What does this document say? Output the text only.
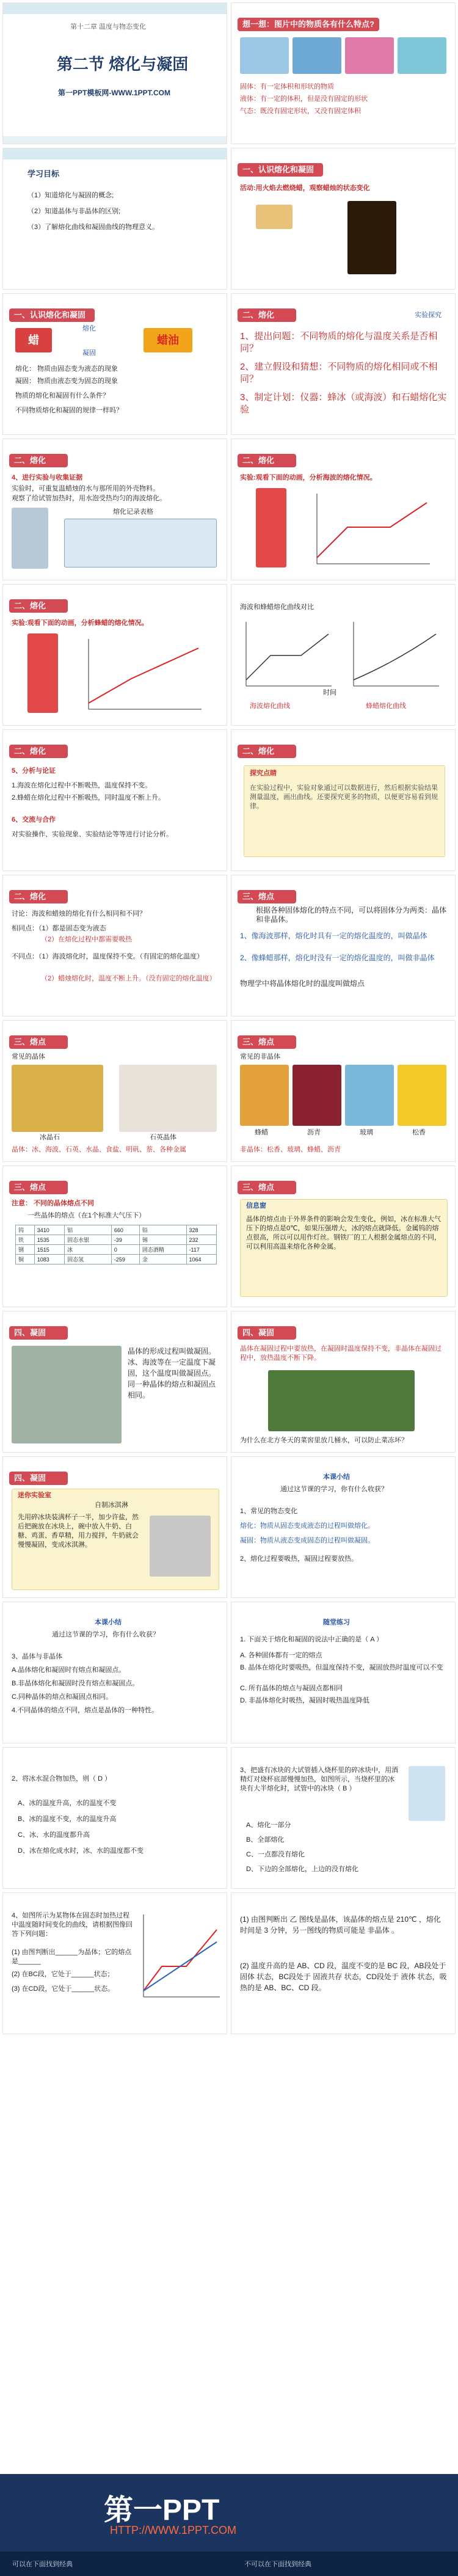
第十二章 温度与物态变化
第二节 熔化与凝固
第一PPT模板网-WWW.1PPT.COM
想一想：图片中的物质各有什么特点?
固体：有一定体积和形状的物质
液体：有一定的体积，但是没有固定的形状
气态：既没有固定形状，又没有固定体积
学习目标
（1）知道熔化与凝固的概念;
（2）知道晶体与非晶体的区别;
（3）了解熔化曲线和凝固曲线的物理意义。
一、认识熔化和凝固
活动:用火焰去燃烧蜡，观察蜡烛的状态变化
一、认识熔化和凝固
蜡
熔化
凝固
蜡油
熔化： 物质由固态变为液态的现象
凝固： 物质由液态变为固态的现象
物质的熔化和凝固有什么条件？
不同物质熔化和凝固的规律一样吗？
二、熔化	实验探究
1、提出问题：不同物质的熔化与温度关系是否相同？
2、建立假设和猜想：不同物质的熔化相同或不相同？
3、制定计划：仪器：蜂冰（或海波）和石蜡熔化实验
二、熔化
4、进行实验与收集证据
实验时，可重复温蜡烛的水与那所用的外壳物料。
观察了给试管加热时，用水泡受热均匀的海波熔化。
熔化记录表格
二、熔化
实验:观看下面的动画，分析海波的熔化情况。
二、熔化
实验:观看下面的动画，分析蜂蜡的熔化情况。
海波和蜂蜡熔化曲线对比
海波熔化曲线	蜂蜡熔化曲线
时间
二、熔化
5、分析与论证
1.海波在熔化过程中不断吸热，温度保持不变。
2.蜂蜡在熔化过程中不断吸热，同时温度不断上升。
6、交流与合作
对实验操作、实验现象、实验结论等等进行讨论分析。
二、熔化
探究点睛
在实验过程中，实验对象通过可以数据进行，然后根据实验结果测量温度，画出曲线。还要探究更多的物质，以便更容易看到规律。
二、熔化
讨论：海波和蜡烛的熔化有什么相同和不同？
相同点：（1）都是固态变为液态
（2）在熔化过程中都需要吸热
不同点：（1）海波熔化时，温度保持不变。（有固定的熔化温度）
（2）蜡烛熔化时，温度不断上升。（没有固定的熔化温度）
三、熔点
根据各种固体熔化的特点不同，可以将固体分为两类：晶体和非晶体。
1、像海波那样，熔化时具有一定的熔化温度的，叫做晶体
2、像蜂蜡那样，熔化时没有一定的熔化温度的，叫做非晶体
物理学中将晶体熔化时的温度叫做熔点
三、熔点
常见的晶体
冰晶石	石英晶体
晶体：冰、海波、石英、水晶、食盐、明矾、萘、各种金属
三、熔点
常见的非晶体
蜂蜡	沥青	玻璃	松香
非晶体：松香、玻璃、蜂蜡、沥青
三、熔点
注意： 不同的晶体熔点不同
一些晶体的熔点（在1个标准大气压下）
钨	3410	铝	660	铅	328
铁	1535	固态水银	-39	锡	232
钢	1515	冰	0	固态酒精	-117
铜	1083	固态氢	-259	金	1064
三、熔点
信息窗
晶体的熔点由于外界条件的影响会发生变化，例如，冰在标准大气压下的熔点是0℃，如果压强增大，冰的熔点就降低。金属钨的熔点很高，所以可以用作灯丝。钢铁厂的工人根据金属熔点的不同，可以利用高温来熔化各种金属。
四、凝固
晶体的形成过程叫做凝固。冰、海波等在一定温度下凝固，这个温度叫做凝固点。同一种晶体的熔点和凝固点相同。
四、凝固
晶体在凝固过程中要放热，在凝固时温度保持不变，非晶体在凝固过程中，放热温度不断下降。
为什么在北方冬天的菜窖里放几桶水，可以防止菜冻坏？
四、凝固
迷你实验室
自制冰淇淋
先用碎冰块装满杯子一半，加少许盐，然后把碗放在冰块上，碗中放入牛奶、白糖、鸡蛋、香草精，用力搅拌，牛奶就会慢慢凝固，变成冰淇淋。
本课小结
通过这节课的学习，你有什么收获？
1、常见的物态变化
熔化：物质从固态变成液态的过程叫做熔化。
凝固：物质从液态变成固态的过程叫做凝固。
2、熔化过程要吸热，凝固过程要放热。
本课小结
通过这节课的学习，你有什么收获？
3、晶体与非晶体
A.晶体熔化和凝固时有熔点和凝固点。
B.非晶体熔化和凝固时没有熔点和凝固点。
C.同种晶体的熔点和凝固点相同。
4.不同晶体的熔点不同，熔点是晶体的一种特性。
随堂练习
1. 下面关于熔化和凝固的说法中正确的是（ A ）
A. 各种固体都有一定的熔点
B. 晶体在熔化时要吸热，但温度保持不变，凝固放热时温度可以不变
C. 所有晶体的熔点与凝固点都相同
D. 非晶体熔化时吸热，凝固时吸热温度降低
2、将冰水混合物加热，则（ D ）
A、冰的温度升高，水的温度不变
B、冰的温度不变，水的温度升高
C、冰、水的温度都升高
D、冰在熔化成水时，冰、水的温度都不变
3、把盛有冰块的大试管插入烧杯里的碎冰块中，用酒精灯对烧杯底部慢慢加热，如图所示，当烧杯里的冰块有大半熔化时，试管中的冰块（ B ）
A、熔化一部分
B、全部熔化
C、一点都没有熔化
D、下边的全部熔化，上边的没有熔化
4、如图所示为某物体在固态时加热过程中温度随时间变化的曲线，请根据图像回答下列问题：
(1) 由图判断出______为晶体；它的熔点是______
(2) 在BC段，它处于______状态；
(3) 在CD段，它处于______状态。
(1) 由图判断出 乙 图线是晶体，该晶体的熔点是 210℃ ，熔化时间是 3 分钟，另一图线的物质可能是 非晶体 。
(2) 温度升高的是 AB、CD 段，温度不变的是 BC 段，AB段处于 固体 状态，BC段处于 固液共存 状态，CD段处于 液体 状态，吸热的是 AB、BC、CD 段。
第一PPT
HTTP://WWW.1PPT.COM
可以在下面找到经典	不可以在下面找到经典
